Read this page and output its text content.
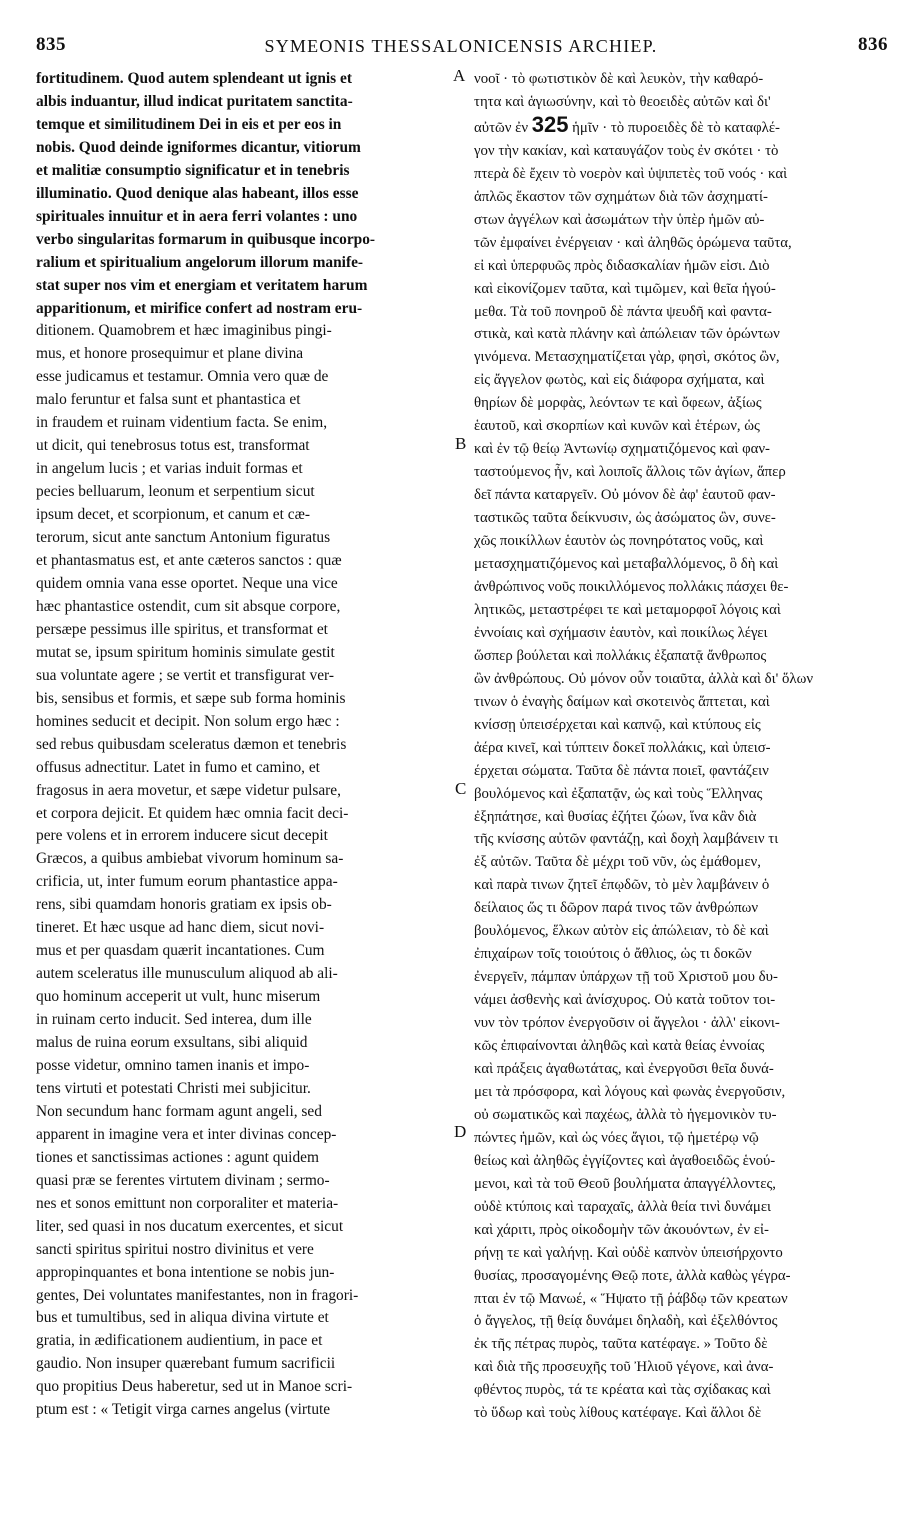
835	SYMEONIS THESSALONICENSIS ARCHIEP.	836
fortitudinem. Quod autem splendeant ut ignis et
albis induantur, illud indicat puritatem sanctita-
temque et similitudinem Dei in eis et per eos in
nobis. Quod deinde igniformes dicantur, vitiorum
et malitiæ consumptio significatur et in tenebris
illuminatio. Quod denique alas habeant, illos esse
spirituales innuitur et in aera ferri volantes : uno
verbo singularitas formarum in quibusque incorpo-
ralium et spiritualium angelorum illorum manife-
stat super nos vim et energiam et veritatem harum
apparitionum, et mirifice confert ad nostram eru-
ditionem. Quamobrem et hæc imaginibus pingi-
mus, et honore prosequimur et plane divina
esse judicamus et testamur. Omnia vero quæ de
malo feruntur et falsa sunt et phantastica et
in fraudem et ruinam videntium facta. Se enim,
ut dicit, qui tenebrosus totus est, transformat
in angelum lucis ; et varias induit formas et
pecies belluarum, leonum et serpentium sicut
ipsum decet, et scorpionum, et canum et cæ-
terorum, sicut ante sanctum Antonium figuratus
et phantasmatus est, et ante cæteros sanctos : quæ
quidem omnia vana esse oportet. Neque una vice
hæc phantastice ostendit, cum sit absque corpore,
persæpe pessimus ille spiritus, et transformat et
mutat se, ipsum spiritum hominis simulate gestit
sua voluntate agere ; se vertit et transfigurat ver-
bis, sensibus et formis, et sæpe sub forma hominis
homines seducit et decipit. Non solum ergo hæc :
sed rebus quibusdam sceleratus dæmon et tenebris
offusus adnectitur. Latet in fumo et camino, et
fragosus in aera movetur, et sæpe videtur pulsare,
et corpora dejicit. Et quidem hæc omnia facit deci-
pere volens et in errorem inducere sicut decepit
Græcos, a quibus ambiebat vivorum hominum sa-
crificia, ut, inter fumum eorum phantastice appa-
rens, sibi quamdam honoris gratiam ex ipsis ob-
tineret. Et hæc usque ad hanc diem, sicut novi-
mus et per quasdam quærit incantationes. Cum
autem sceleratus ille munusculum aliquod ab ali-
quo hominum acceperit ut vult, hunc miserum
in ruinam certo inducit. Sed interea, dum ille
malus de ruina eorum exsultans, sibi aliquid
posse videtur, omnino tamen inanis et impo-
tens virtuti et potestati Christi mei subjicitur.
Non secundum hanc formam agunt angeli, sed
apparent in imagine vera et inter divinas concep-
tiones et sanctissimas actiones : agunt quidem
quasi præ se ferentes virtutem divinam ; sermo-
nes et sonos emittunt non corporaliter et materia-
liter, sed quasi in nos ducatum exercentes, et sicut
sancti spiritus spiritui nostro divinitus et vere
appropinquantes et bona intentione se nobis jun-
gentes, Dei voluntates manifestantes, non in fragori-
bus et tumultibus, sed in aliqua divina virtute et
gratia, in ædificationem audientium, in pace et
gaudio. Non insuper quærebant fumum sacrificii
quo propitius Deus haberetur, sed ut in Manoe scri-
ptum est : « Tetigit virga carnes angelus (virtute
νοοῖ · τὸ φωτιστικὸν δὲ καὶ λευκὸν, τὴν καθαρό-
τητα καὶ ἁγιωσύνην, καὶ τὸ θεοειδὲς αὐτῶν καὶ δι'
αὐτῶν ἐν 325 ἡμῖν · τὸ πυροειδὲς δὲ τὸ καταφλέ-
γον τὴν κακίαν, καὶ καταυγάζον τοὺς ἐν σκότει · τὸ
πτερὰ δὲ ἔχειν τὸ νοερὸν καὶ ὑψιπετὲς τοῦ νοός · καὶ
ἁπλῶς ἕκαστον τῶν σχημάτων διὰ τῶν ἀσχηματί-
στων ἀγγέλων καὶ ἀσωμάτων τὴν ὑπὲρ ἡμῶν αὐ-
τῶν ἐμφαίνει ἐνέργειαν · καὶ ἀληθῶς ὁρώμενα ταῦτα,
εἰ καὶ ὑπερφυῶς πρὸς διδασκαλίαν ἡμῶν εἰσι. Διὸ
καὶ εἰκονίζομεν ταῦτα, καὶ τιμῶμεν, καὶ θεῖα ἡγού-
μεθα. Τὰ τοῦ πονηροῦ δὲ πάντα ψευδῆ καὶ φαντα-
στικὰ, καὶ κατὰ πλάνην καὶ ἀπώλειαν τῶν ὁρώντων
γινόμενα. Μετασχηματίζεται γὰρ, φησὶ, σκότος ὢν,
εἰς ἄγγελον φωτὸς, καὶ εἰς διάφορα σχήματα, καὶ
θηρίων δὲ μορφὰς, λεόντων τε καὶ ὄφεων, ἀξίως
ἑαυτοῦ, καὶ σκορπίων καὶ κυνῶν καὶ ἑτέρων, ὡς
καὶ ἐν τῷ θείῳ Ἀντωνίῳ σχηματιζόμενος καὶ φαν-
ταστούμενος ἦν, καὶ λοιποῖς ἄλλοις τῶν ἁγίων, ἅπερ
δεῖ πάντα καταργεῖν. Οὐ μόνον δὲ ἀφ' ἑαυτοῦ φαν-
ταστικῶς ταῦτα δείκνυσιν, ὡς ἀσώματος ὢν, συνε-
χῶς ποικίλλων ἑαυτὸν ὡς πονηρότατος νοῦς, καὶ
μετασχηματιζόμενος καὶ μεταβαλλόμενος, ὃ δὴ καὶ
ἀνθρώπινος νοῦς ποικιλλόμενος πολλάκις πάσχει θε-
λητικῶς, μεταστρέφει τε καὶ μεταμορφοῖ λόγοις καὶ
ἐννοίαις καὶ σχήμασιν ἑαυτὸν, καὶ ποικίλως λέγει
ὥσπερ βούλεται καὶ πολλάκις ἐξαπατᾷ ἄνθρωπος
ὢν ἀνθρώπους. Οὐ μόνον οὖν τοιαῦτα, ἀλλὰ καὶ δι' ὅλων
τινων ὁ ἐναγὴς δαίμων καὶ σκοτεινὸς ἅπτεται, καὶ
κνίσσῃ ὑπεισέρχεται καὶ καπνῷ, καὶ κτύπους εἰς
ἀέρα κινεῖ, καὶ τύπτειν δοκεῖ πολλάκις, καὶ ὑπεισ-
έρχεται σώματα. Ταῦτα δὲ πάντα ποιεῖ, φαντάζειν
βουλόμενος καὶ ἐξαπατᾷν, ὡς καὶ τοὺς Ἕλληνας
ἐξηπάτησε, καὶ θυσίας ἐζήτει ζώων, ἵνα κἂν διὰ
τῆς κνίσσης αὐτῶν φαντάζῃ, καὶ δοχὴ λαμβάνειν τι
ἐξ αὐτῶν. Ταῦτα δὲ μέχρι τοῦ νῦν, ὡς ἐμάθομεν,
καὶ παρὰ τινων ζητεῖ ἐπῳδῶν, τὸ μὲν λαμβάνειν ὁ
δείλαιος ὥς τι δῶρον παρά τινος τῶν ἀνθρώπων
βουλόμενος, ἕλκων αὐτὸν εἰς ἀπώλειαν, τὸ δὲ καὶ
ἐπιχαίρων τοῖς τοιούτοις ὁ ἄθλιος, ὡς τι δοκῶν
ἐνεργεῖν, πάμπαν ὑπάρχων τῇ τοῦ Χριστοῦ μου δυ-
νάμει ἀσθενὴς καὶ ἀνίσχυρος. Οὐ κατὰ τοῦτον τοι-
νυν τὸν τρόπον ἐνεργοῦσιν οἱ ἄγγελοι · ἀλλ' εἰκονι-
κῶς ἐπιφαίνονται ἀληθῶς καὶ κατὰ θείας ἐννοίας
καὶ πράξεις ἀγαθωτάτας, καὶ ἐνεργοῦσι θεῖα δυνά-
μει τὰ πρόσφορα, καὶ λόγους καὶ φωνὰς ἐνεργοῦσιν,
οὐ σωματικῶς καὶ παχέως, ἀλλὰ τὸ ἡγεμονικὸν τυ-
πώντες ἡμῶν, καὶ ὡς νόες ἅγιοι, τῷ ἡμετέρῳ νῷ
θείως καὶ ἀληθῶς ἐγγίζοντες καὶ ἀγαθοειδῶς ἑνού-
μενοι, καὶ τὰ τοῦ Θεοῦ βουλήματα ἀπαγγέλλοντες,
οὐδὲ κτύποις καὶ ταραχαῖς, ἀλλὰ θεία τινὶ δυνάμει
καὶ χάριτι, πρὸς οἰκοδομὴν τῶν ἀκουόντων, ἐν εἰ-
ρήνῃ τε καὶ γαλήνῃ. Καὶ οὐδὲ καπνὸν ὑπεισήρχοντο
θυσίας, προσαγομένης Θεῷ ποτε, ἀλλὰ καθὼς γέγρα-
πται ἐν τῷ Μανωέ, « Ἥψατο τῇ ῥάβδῳ τῶν κρεατων
ὁ ἄγγελος, τῇ θείᾳ δυνάμει δηλαδὴ, καὶ ἐξελθόντος
ἐκ τῆς πέτρας πυρὸς, ταῦτα κατέφαγε. » Τοῦτο δὲ
καὶ διὰ τῆς προσευχῆς τοῦ Ἠλιοῦ γέγονε, καὶ ἀνα-
φθέντος πυρὸς, τά τε κρέατα καὶ τὰς σχίδακας καὶ
τὸ ὕδωρ καὶ τοὺς λίθους κατέφαγε. Καὶ ἄλλοι δὲ
A
B
C
D
